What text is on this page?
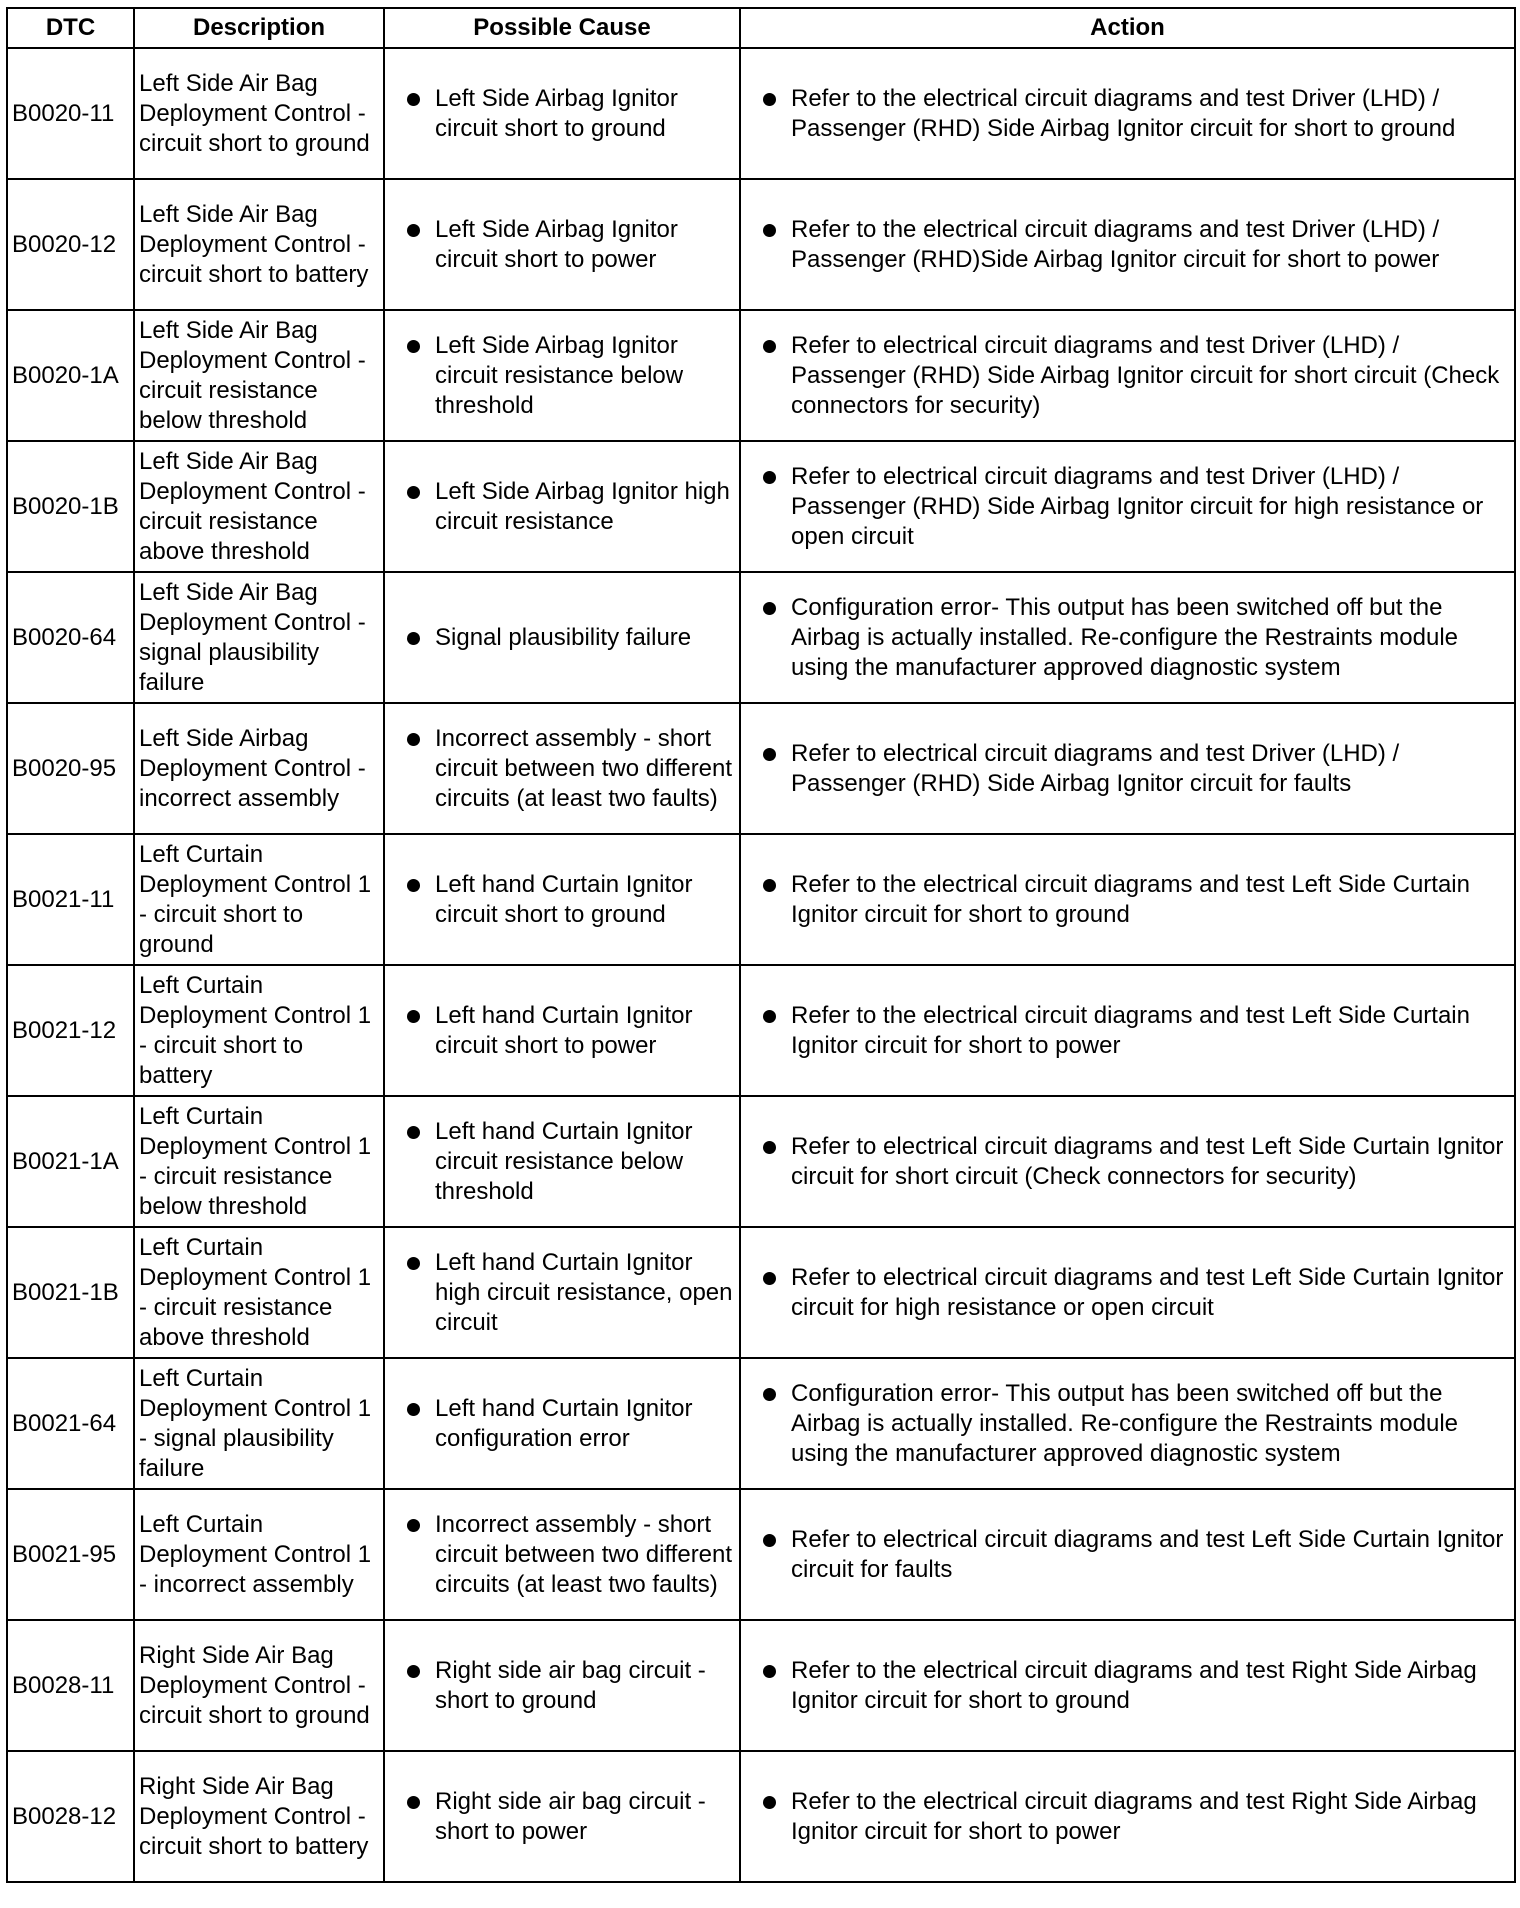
DTC	Description	Possible Cause	Action
B0020-11	Left Side Air Bag Deployment Control - circuit short to ground	Left Side Airbag Ignitor circuit short to ground	Refer to the electrical circuit diagrams and test Driver (LHD) / Passenger (RHD) Side Airbag Ignitor circuit for short to ground

B0020-12	Left Side Air Bag Deployment Control - circuit short to battery	Left Side Airbag Ignitor circuit short to power	Refer to the electrical circuit diagrams and test Driver (LHD) / Passenger (RHD)Side Airbag Ignitor circuit for short to power

B0020-1A	Left Side Air Bag Deployment Control - circuit resistance below threshold	Left Side Airbag Ignitor circuit resistance below threshold	Refer to electrical circuit diagrams and test Driver (LHD) / Passenger (RHD) Side Airbag Ignitor circuit for short circuit (Check connectors for security)

B0020-1B	Left Side Air Bag Deployment Control - circuit resistance above threshold	Left Side Airbag Ignitor high circuit resistance	Refer to electrical circuit diagrams and test Driver (LHD) / Passenger (RHD) Side Airbag Ignitor circuit for high resistance or open circuit

B0020-64	Left Side Air Bag Deployment Control - signal plausibility failure	Signal plausibility failure	Configuration error- This output has been switched off but the Airbag is actually installed. Re-configure the Restraints module using the manufacturer approved diagnostic system

B0020-95	Left Side Airbag Deployment Control - incorrect assembly	Incorrect assembly - short circuit between two different circuits (at least two faults)	Refer to electrical circuit diagrams and test Driver (LHD) / Passenger (RHD) Side Airbag Ignitor circuit for faults

B0021-11	Left Curtain Deployment Control 1 - circuit short to ground	Left hand Curtain Ignitor circuit short to ground	Refer to the electrical circuit diagrams and test Left Side Curtain Ignitor circuit for short to ground

B0021-12	Left Curtain Deployment Control 1 - circuit short to battery	Left hand Curtain Ignitor circuit short to power	Refer to the electrical circuit diagrams and test Left Side Curtain Ignitor circuit for short to power

B0021-1A	Left Curtain Deployment Control 1 - circuit resistance below threshold	Left hand Curtain Ignitor circuit resistance below threshold	Refer to electrical circuit diagrams and test Left Side Curtain Ignitor circuit for short circuit (Check connectors for security)

B0021-1B	Left Curtain Deployment Control 1 - circuit resistance above threshold	Left hand Curtain Ignitor high circuit resistance, open circuit	Refer to electrical circuit diagrams and test Left Side Curtain Ignitor circuit for high resistance or open circuit

B0021-64	Left Curtain Deployment Control 1 - signal plausibility failure	Left hand Curtain Ignitor configuration error	Configuration error- This output has been switched off but the Airbag is actually installed. Re-configure the Restraints module using the manufacturer approved diagnostic system

B0021-95	Left Curtain Deployment Control 1 - incorrect assembly	Incorrect assembly - short circuit between two different circuits (at least two faults)	Refer to electrical circuit diagrams and test Left Side Curtain Ignitor circuit for faults

B0028-11	Right Side Air Bag Deployment Control - circuit short to ground	Right side air bag circuit - short to ground	Refer to the electrical circuit diagrams and test Right Side Airbag Ignitor circuit for short to ground

B0028-12	Right Side Air Bag Deployment Control - circuit short to battery	Right side air bag circuit - short to power	Refer to the electrical circuit diagrams and test Right Side Airbag Ignitor circuit for short to power
